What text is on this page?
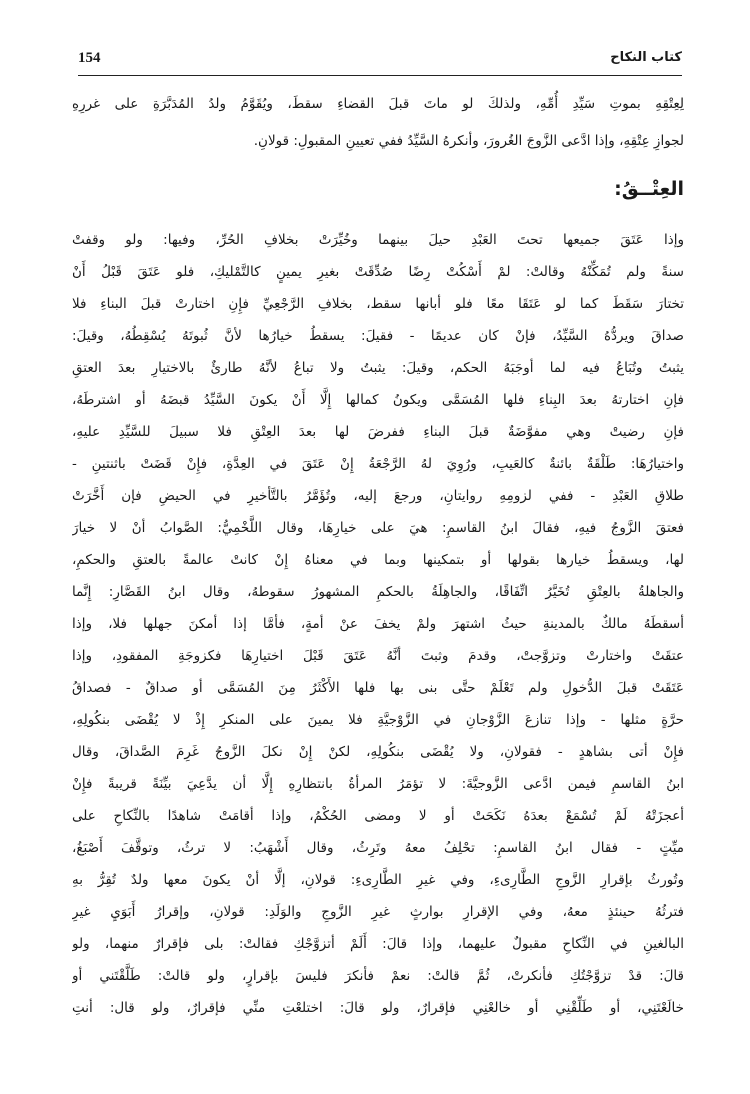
154	كتاب النكاح
لِعِتْقِهِ بموتِ سَيِّدِ أُمِّهِ، ولذلكَ لو ماتَ قبلَ القضاءِ سقطَ، ويُقَوَّمُ ولدُ المُدَبَّرَةِ على غررِهِ
لجوازِ عِتْقِهِ، وإذا ادَّعى الزَّوجَ الغُرورَ، وأنكرهُ السَّيِّدُ ففي تعيينِ المقبولِ: قولانِ.
العِتْــقُ:
وإذا عَتَقَ جميعها تحتَ العَبْدِ حيلَ بينهما وخُيِّرَتْ بخلافِ الحُرِّ، وفيها: ولو وقفتْ
سنةً ولم تُمَكِّنْهُ وقالتْ: لمْ أَسْكُتْ رِضًا صُدِّقَتْ بغيرِ يمينٍ كالتَّمْليكِ، فلو عَتَقَ قَبْلُ أَنْ
تختارَ سَقَطَ كما لو عَتَقَا معًا فلو أبانها سقط، بخلافِ الرَّجْعِيِّ فإِنِ اختارتْ قبلَ البناءِ فلا
صداقَ ويردُّهُ السَّيِّدُ، فإنْ كان عديمًا - فقيلَ: يسقطُ خيارُها لأنَّ ثُبوتَهُ يُسْقِطُهُ، وقيلَ:
يثبتُ وتُبَاعُ فيه لما أوجَبَهُ الحكم، وقيلَ: يثبتُ ولا تباعُ لأنَّهُ طارئٌ بالاختيارِ بعدَ العتقِ
فإنِ اختارتهُ بعدَ البِناءِ فلها المُسَمَّى ويكونُ كمالها إِلَّا أَنْ يكونَ السَّيِّدُ قبضَهُ أو اشترطَهُ،
فإنِ رضيتْ وهي مفوَّضَةٌ قبلَ البناءِ ففرضَ لها بعدَ العِتْقِ فلا سبيلَ للسَّيِّدِ عليهِ،
واختيارُهَا: طَلْقَةٌ بائنةٌ كالعَيبِ، ورُوِيَ لهُ الرَّجْعَةُ إِنْ عَتَقَ في العِدَّةِ، فإِنْ قَضَتْ باثنتينِ -
طلاقِ العَبْدِ - ففي لزومِهِ روايتانِ، ورجعَ إليه، وتُؤَمَّرُ بالتَّأخيرِ في الحيضِ فإن أَخَّرَتْ
فعتقَ الزَّوجُ فيهِ، فقالَ ابنُ القاسمِ: هيَ على خيارِهَا، وقال اللَّخْمِيُّ: الصَّوابُ أنْ لا خيارَ
لها، ويسقطُ خيارها بقولها أو بتمكينها وبما في معناهُ إِنْ كانتْ عالمةً بالعتقِ والحكمِ،
والجاهلةُ بالعِتْقِ تُخَيَّرُ اتِّفَاقًا، والجاهِلَةُ بالحكمِ المشهورُ سقوطهُ، وقال ابنُ القَصَّارِ: إِنَّما
. أسقطَهُ مالكٌ بالمدينةِ حيثُ اشتهرَ ولمْ يخفَ عنْ أمةٍ، فأمَّا إذا أمكنَ جهلها فلا، وإذا
عتقَتْ واختارتْ وتزوَّجتْ، وقدمَ وثبتَ أنَّهُ عَتَقَ قَبْلَ اختيارِهَا فكزوجَةِ المفقودِ، وإذا
عَتَقَتْ قبلَ الدُّخولِ ولم تَعْلَمْ حتَّى بنى بها فلها الأَكْثَرُ مِنَ المُسَمَّى أو صداقٌ - فصداقُ
حرَّةٍ مثلها - وإذا تنازعَ الزَّوْجانِ في الزَّوْجيَّةِ فلا يمينَ على المنكرِ إِذْ لا يُقْضَى بنكُولِهِ،
فإِنْ أتى بشاهدٍ - فقولانِ، ولا يُقْضَى بنكُولِهِ، لكنْ إِنْ نكلَ الزَّوجُ غَرِمَ الصَّداقَ، وقال
ابنُ القاسمِ فيمن ادَّعى الزَّوجيَّةَ: لا تؤمَرُ المرأةُ بانتظارِهِ إِلَّا أن يدَّعِيَ بيِّنَةً قريبةً فإِنْ
أعجزَتْهُ لَمْ تُسْمَعْ بعدَهُ نَكَحَتْ أو لا ومضى الحُكْمُ، وإذا أقامَتْ شاهدًا بالنِّكاحِ على
ميِّتٍ - فقال ابنُ القاسمِ: تحْلِفُ معهُ وتَرِثُ، وقال أَشْهَبُ: لا ترثُ، وتوقَّفَ أَصْبَغُ،
وتُورثُ بإقرارِ الزَّوجِ الطَّارِىءِ، وفي غيرِ الطَّارِىءِ: قولانِ، إلَّا أنْ يكونَ معها ولدٌ تُقِرُّ بهِ
فترثُهُ حينئذٍ معهُ، وفي الإقرارِ بوارثٍ غيرِ الزَّوجِ والوَلَدِ: قولانِ، وإقرارُ أَبَوَيِ غيرِ
البالغينِ في النِّكاحِ مقبولٌ عليهما، وإذا قالَ: أَلَمْ أتزوَّجْكِ فقالتْ: بلى فإقرارٌ منهما، ولو
قالَ: قدْ تزوَّجْتُكِ فأنكرتْ، ثُمَّ قالتْ: نعمْ فأنكرَ فليسَ بإقرارٍ، ولو قالتْ: طَلَّقْتَني أو
خالَعْتَنِي، أو طَلِّقْنِي أو خالعْنِي فإقرارٌ، ولو قالَ: اختلعْتِ منِّي فإقرارٌ، ولو قال: أنتِ
